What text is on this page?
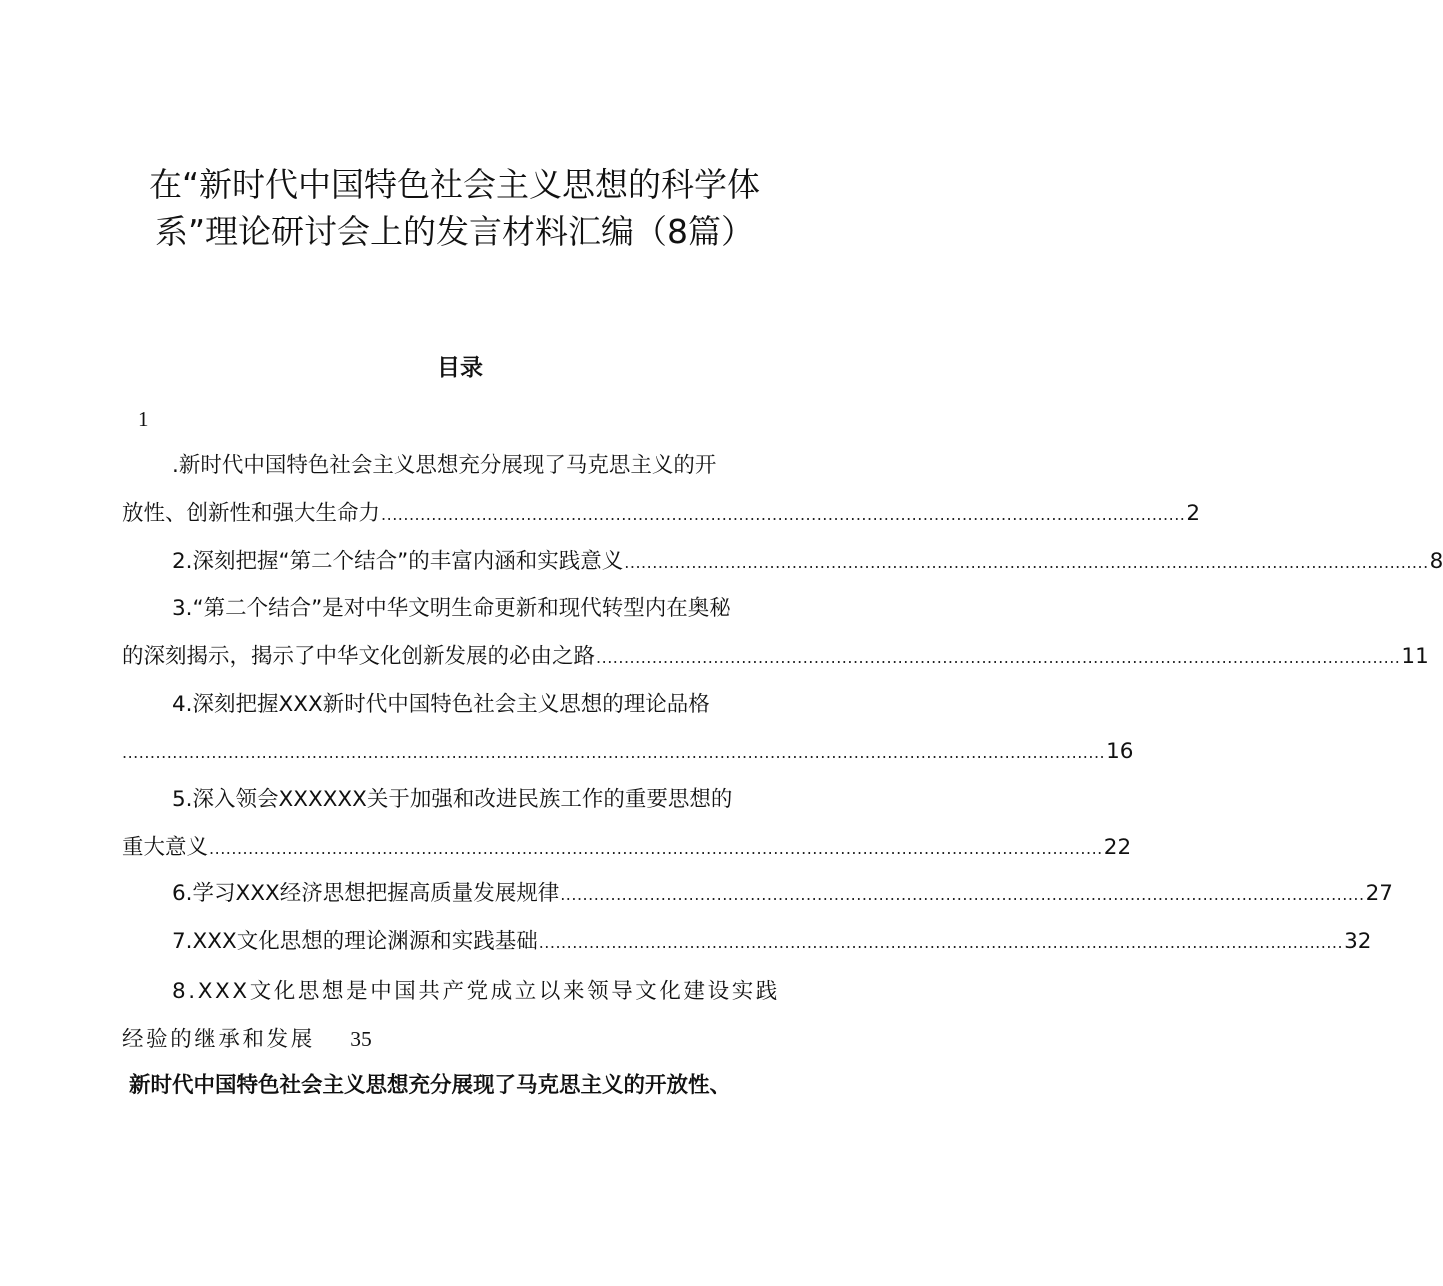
在“新时代中国特色社会主义思想的科学体
系”理论研讨会上的发言材料汇编（8篇）
目录
1
.新时代中国特色社会主义思想充分展现了马克思主义的开
放性、创新性和强大生命力 ................................................................................................................................................ 2
2.深刻把握“第二个结合”的丰富内涵和实践意义 ................................................................................................................................................ 8
3.“第二个结合”是对中华文明生命更新和现代转型内在奥秘
的深刻揭示，揭示了中华文化创新发展的必由之路 ................................................................................................................................................ 11
4.深刻把握XXX新时代中国特色社会主义思想的理论品格
................................................................................................................................................................................ 16
5.深入领会XXXXXX关于加强和改进民族工作的重要思想的
重大意义 ................................................................................................................................................................ 22
6.学习XXX经济思想把握高质量发展规律 ................................................................................................................................................ 27
7.XXX文化思想的理论渊源和实践基础 ................................................................................................................................................ 32
8.XXX文化思想是中国共产党成立以来领导文化建设实践
经验的继承和发展 35
新时代中国特色社会主义思想充分展现了马克思主义的开放性、
